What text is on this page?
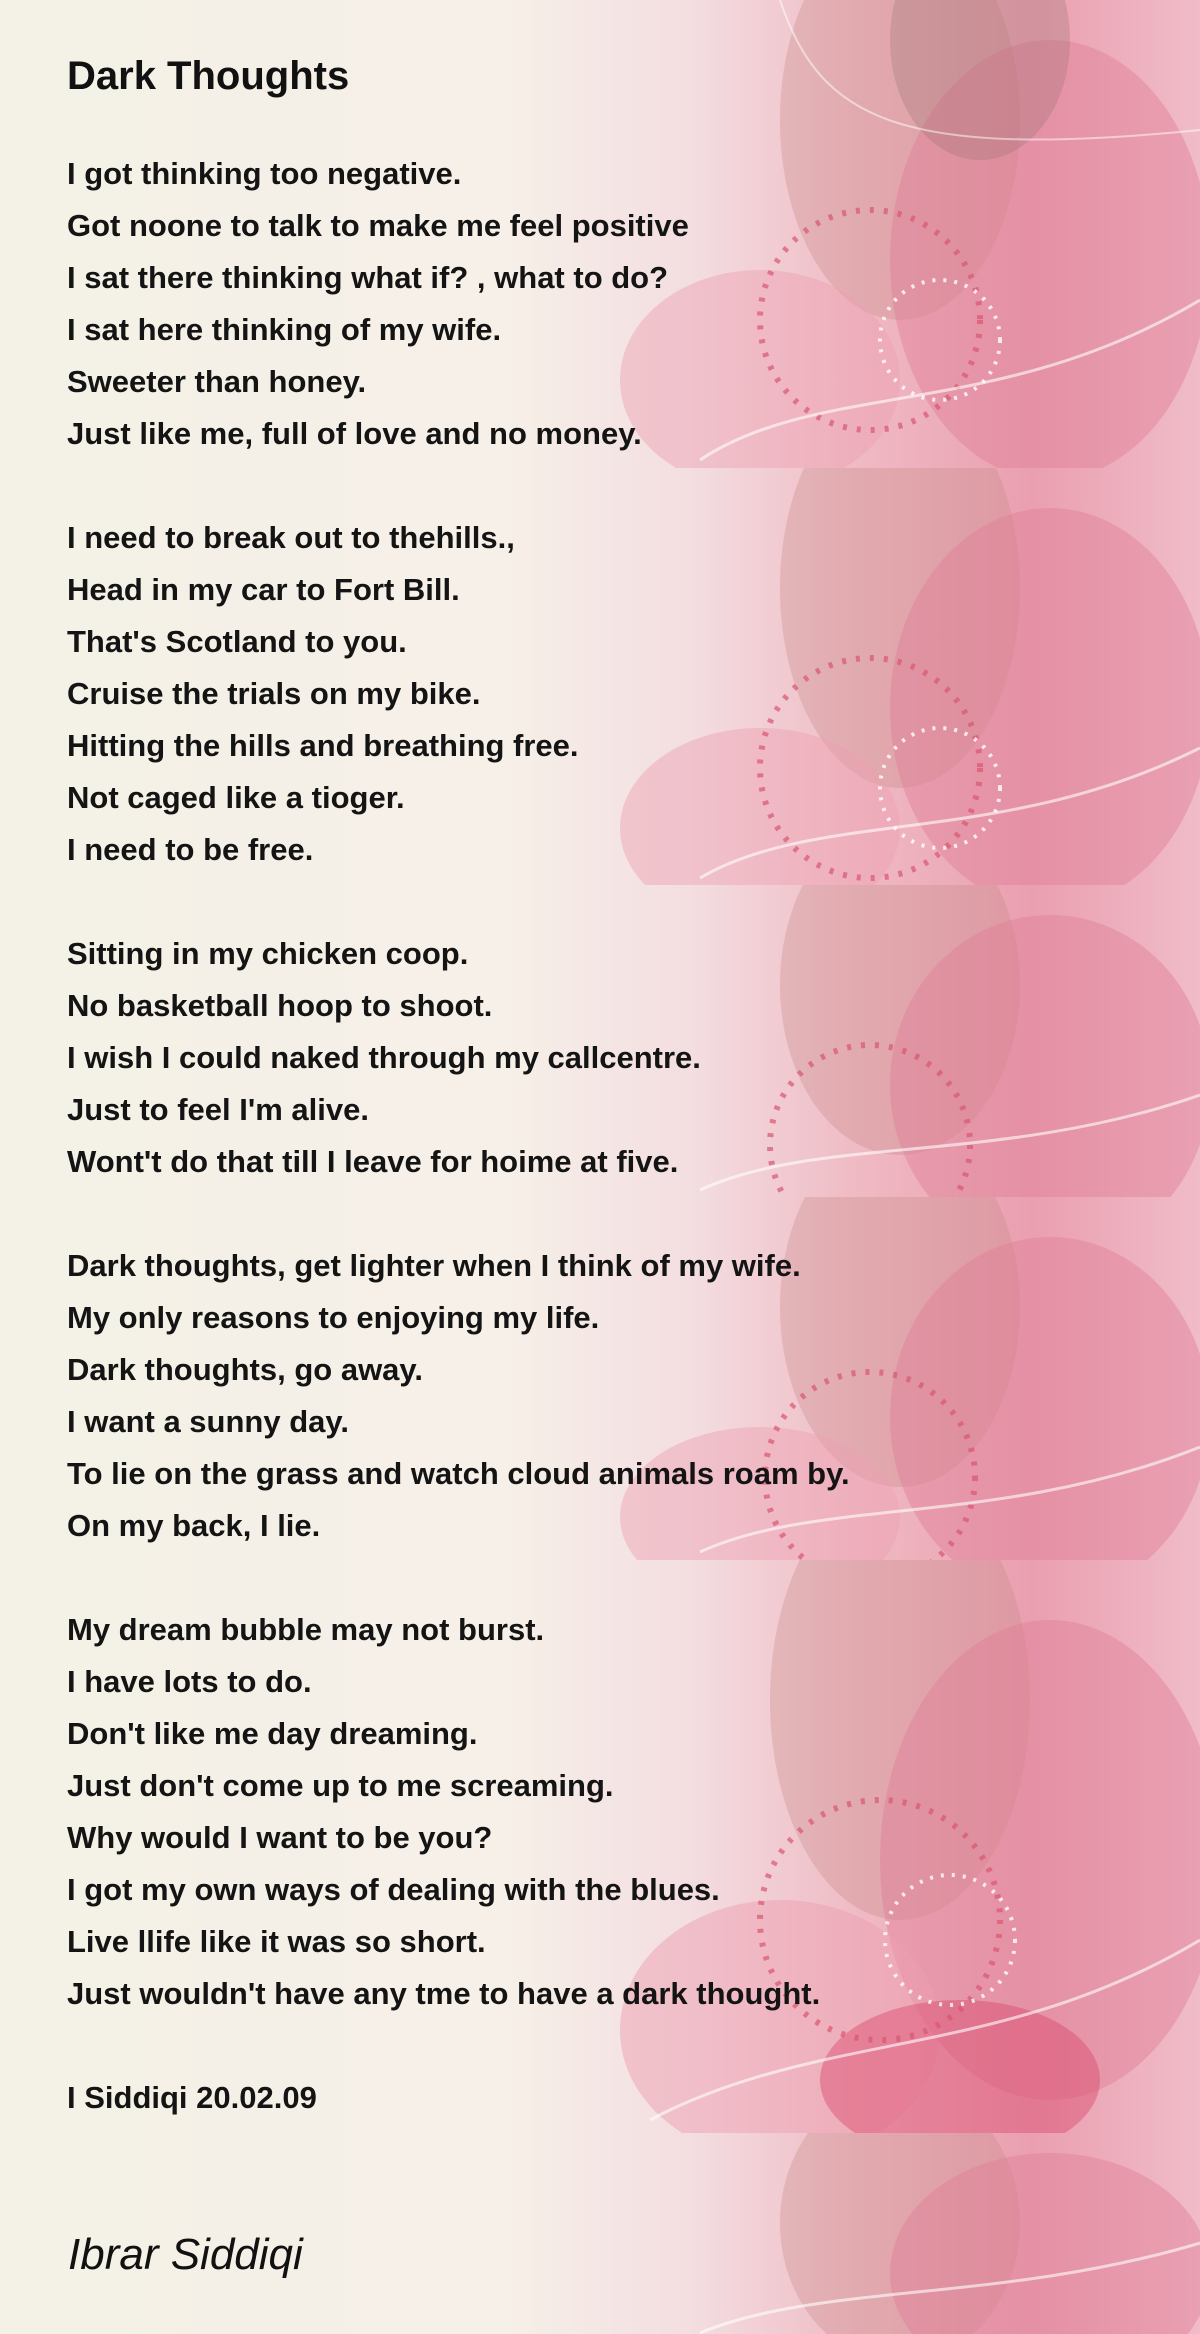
Dark Thoughts
I got thinking too negative.
Got noone to talk to make me feel positive
I sat there thinking what if? , what to do?
I sat here thinking of my wife.
Sweeter than honey.
Just like me, full of love and no money.
I need to break out to thehills.,
Head in my car to Fort Bill.
That's Scotland to you.
Cruise the trials on my bike.
Hitting the hills and breathing free.
Not caged like a tioger.
I need to be free.
Sitting in my chicken coop.
No basketball hoop to shoot.
I wish I could naked through my callcentre.
Just to feel I'm alive.
Wont't do that till I leave for hoime at five.
Dark thoughts, get lighter when I think of my wife.
My only reasons to enjoying my life.
Dark thoughts, go away.
I want a sunny day.
To lie on the grass and watch cloud animals roam by.
On my back, I lie.
My dream bubble may not burst.
I have lots to do.
Don't like me day dreaming.
Just don't come up to me screaming.
Why would I want to be you?
I got my own ways of dealing with the blues.
Live llife like it was so short.
Just wouldn't have any tme to have a dark thought.
I Siddiqi 20.02.09
Ibrar Siddiqi
